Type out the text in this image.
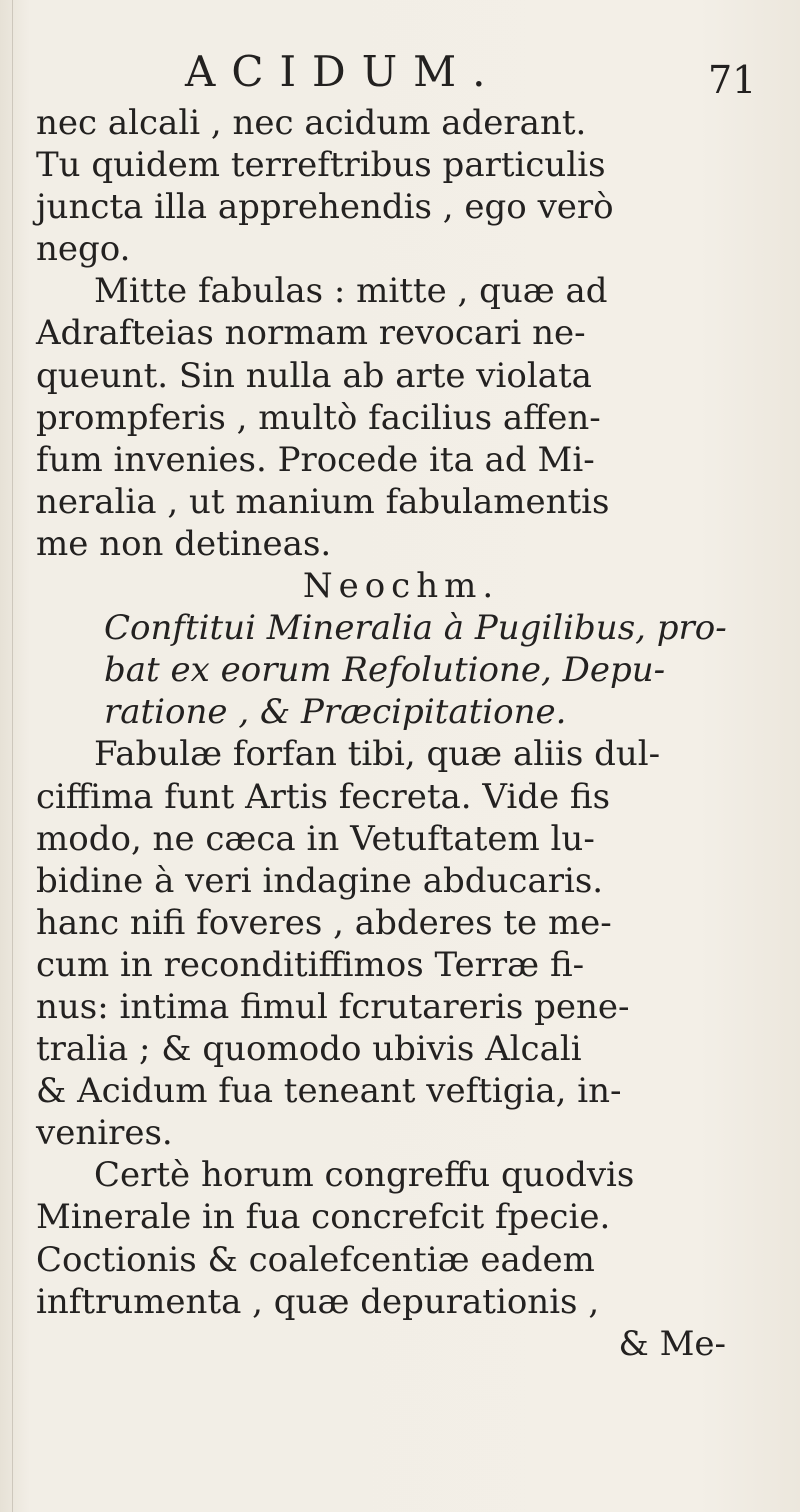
ACIDUM.	71
nec alcali , nec acidum aderant.
Tu quidem terreftribus particulis
juncta illa apprehendis , ego verò
nego.
Mitte fabulas : mitte , quæ ad
Adrafteias normam revocari ne-
queunt. Sin nulla ab arte violata
prompferis , multò facilius affen-
fum invenies. Procede ita ad Mi-
neralia , ut manium fabulamentis
me non detineas.
Neochm.
Conftitui Mineralia à Pugilibus, pro-
bat ex eorum Refolutione, Depu-
ratione , & Præcipitatione.
Fabulæ forfan tibi, quæ aliis dul-
ciffima funt Artis fecreta. Vide fis
modo, ne cæca in Vetuftatem lu-
bidine à veri indagine abducaris.
hanc nifi foveres , abderes te me-
cum in reconditiffimos Terræ fi-
nus: intima fimul fcrutareris pene-
tralia ; & quomodo ubivis Alcali
& Acidum fua teneant veftigia, in-
venires.
Certè horum congreffu quodvis
Minerale in fua concrefcit fpecie.
Coctionis & coalefcentiæ eadem
inftrumenta , quæ depurationis ,
& Me-
